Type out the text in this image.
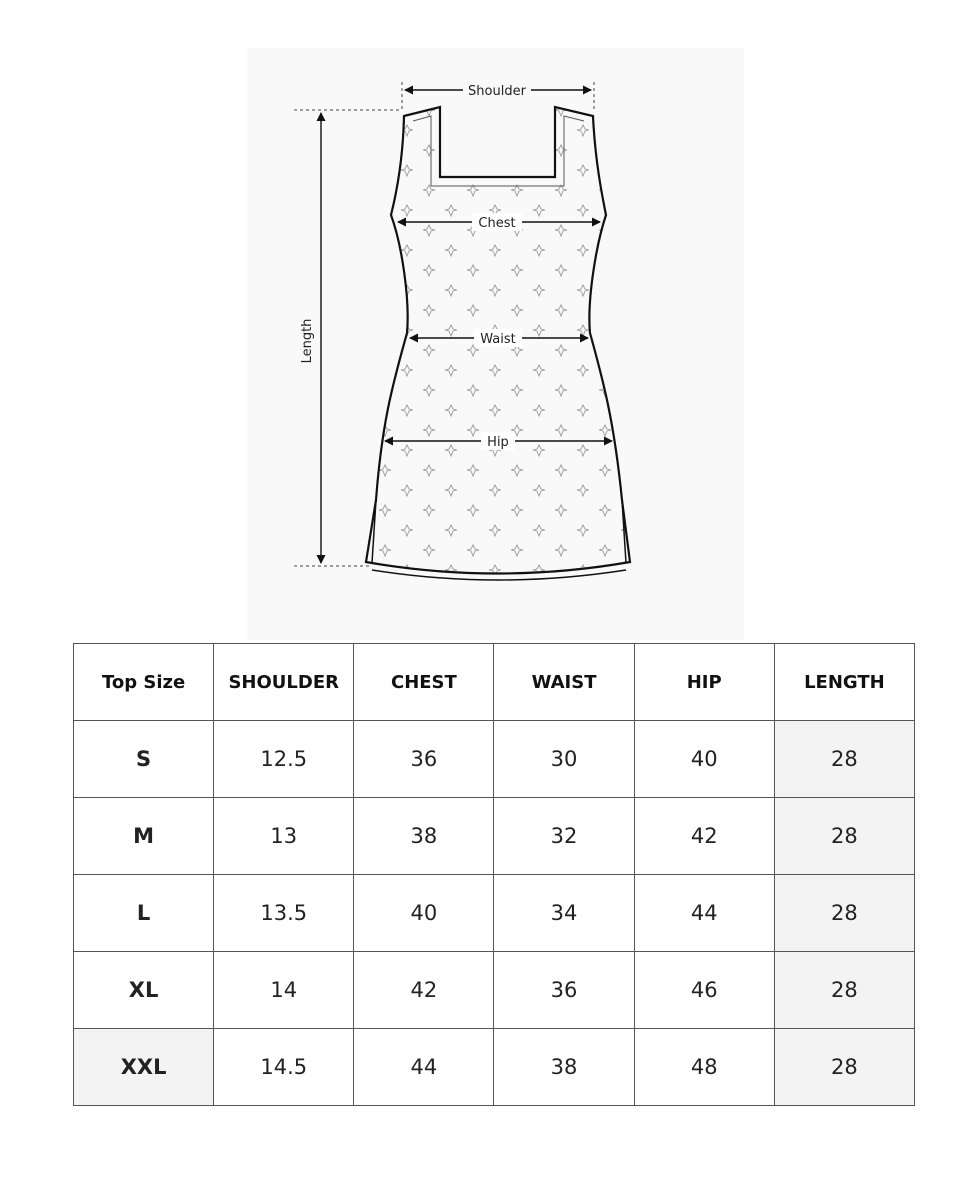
Shoulder
Chest
Waist
Hip
Length
Top Size	SHOULDER	CHEST	WAIST	HIP	LENGTH
S	12.5	36	30	40	28
M	13	38	32	42	28
L	13.5	40	34	44	28
XL	14	42	36	46	28
XXL	14.5	44	38	48	28
